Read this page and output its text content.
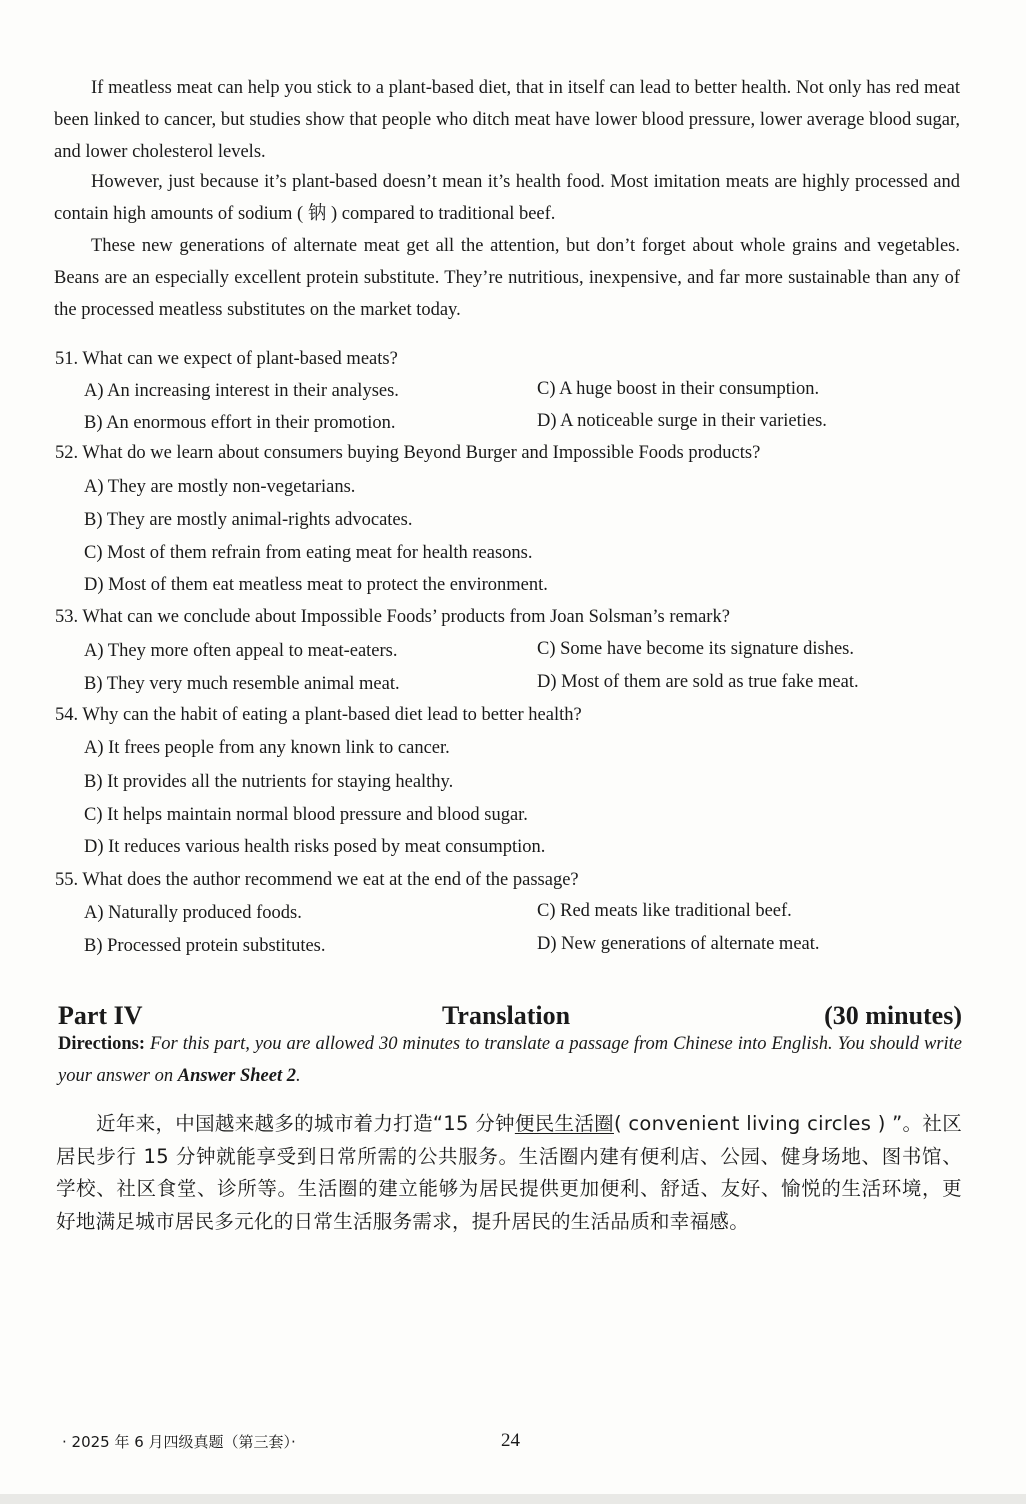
If meatless meat can help you stick to a plant-based diet, that in itself can lead to better health. Not only has red meat been linked to cancer, but studies show that people who ditch meat have lower blood pressure, lower average blood sugar, and lower cholesterol levels.
However, just because it’s plant-based doesn’t mean it’s health food. Most imitation meats are highly processed and contain high amounts of sodium ( 钠 ) compared to traditional beef.
These new generations of alternate meat get all the attention, but don’t forget about whole grains and vegetables. Beans are an especially excellent protein substitute. They’re nutritious, inexpensive, and far more sustainable than any of the processed meatless substitutes on the market today.
51. What can we expect of plant-based meats?
A) An increasing interest in their analyses.	C) A huge boost in their consumption.
B) An enormous effort in their promotion.	D) A noticeable surge in their varieties.
52. What do we learn about consumers buying Beyond Burger and Impossible Foods products?
A) They are mostly non-vegetarians.
B) They are mostly animal-rights advocates.
C) Most of them refrain from eating meat for health reasons.
D) Most of them eat meatless meat to protect the environment.
53. What can we conclude about Impossible Foods’ products from Joan Solsman’s remark?
A) They more often appeal to meat-eaters.	C) Some have become its signature dishes.
B) They very much resemble animal meat.	D) Most of them are sold as true fake meat.
54. Why can the habit of eating a plant-based diet lead to better health?
A) It frees people from any known link to cancer.
B) It provides all the nutrients for staying healthy.
C) It helps maintain normal blood pressure and blood sugar.
D) It reduces various health risks posed by meat consumption.
55. What does the author recommend we eat at the end of the passage?
A) Naturally produced foods.	C) Red meats like traditional beef.
B) Processed protein substitutes.	D) New generations of alternate meat.
Part IV	Translation	(30 minutes)
Directions: For this part, you are allowed 30 minutes to translate a passage from Chinese into English. You should write your answer on Answer Sheet 2.
近年来，中国越来越多的城市着力打造“15 分钟便民生活圈( convenient living circles ) ”。社区居民步行 15 分钟就能享受到日常所需的公共服务。生活圈内建有便利店、公园、健身场地、图书馆、学校、社区食堂、诊所等。生活圈的建立能够为居民提供更加便利、舒适、友好、愉悦的生活环境，更好地满足城市居民多元化的日常生活服务需求，提升居民的生活品质和幸福感。
· 2025 年 6 月四级真题（第三套）·	24
